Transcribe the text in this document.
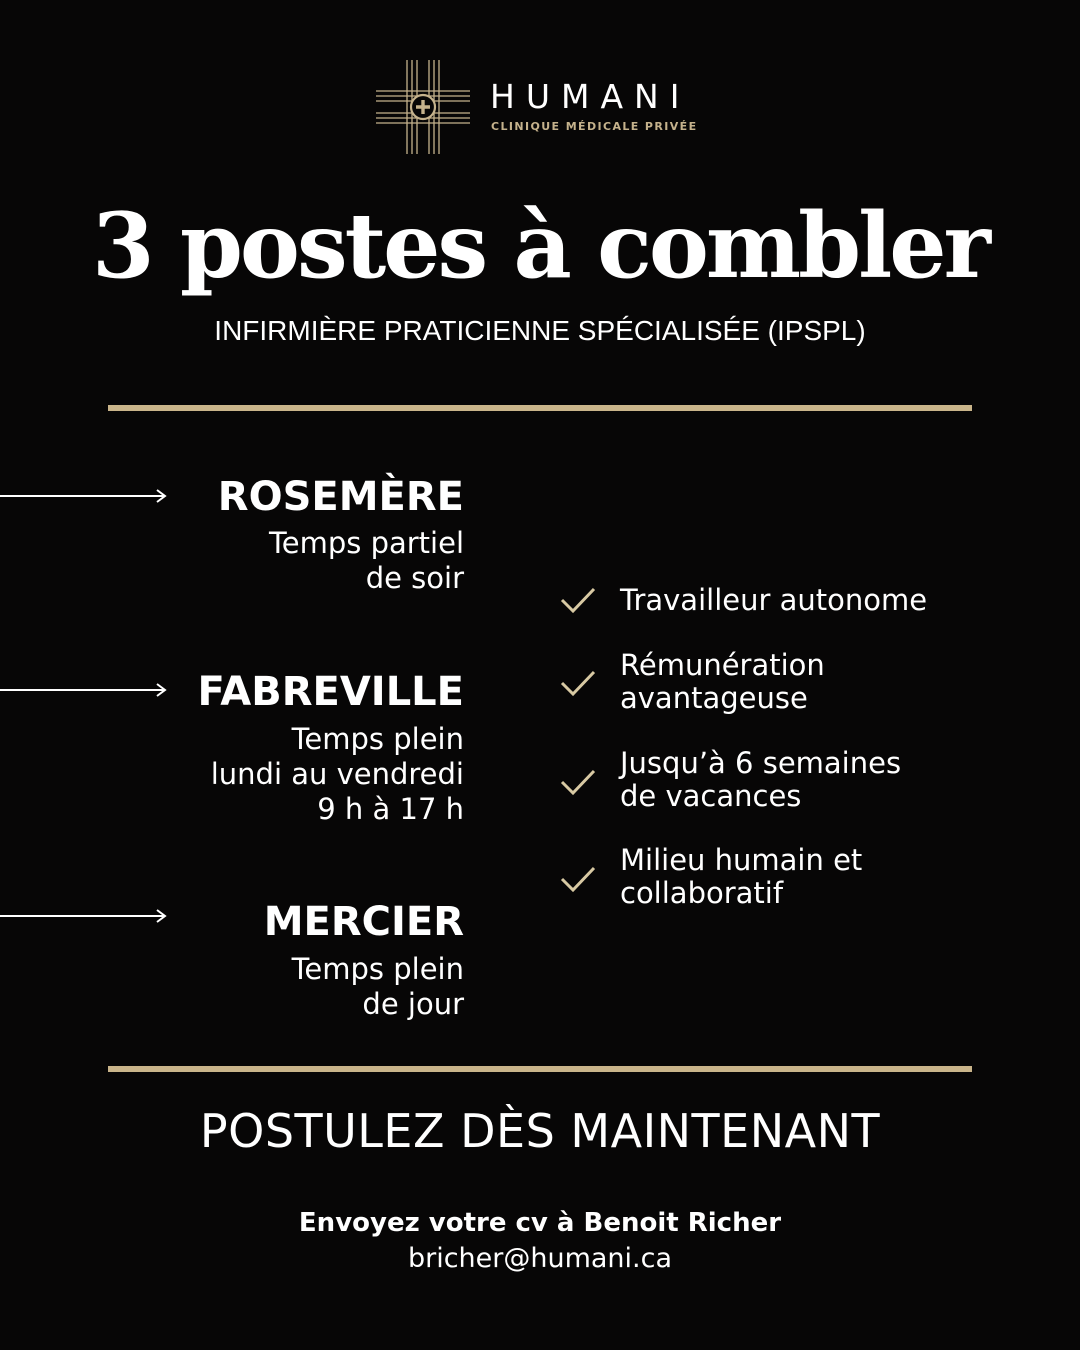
HUMANI
CLINIQUE MÉDICALE PRIVÉE
3 postes à combler
INFIRMIÈRE PRATICIENNE SPÉCIALISÉE (IPSPL)
ROSEMÈRE
Temps partiel
de soir
FABREVILLE
Temps plein
lundi au vendredi
9 h à 17 h
MERCIER
Temps plein
de jour
Travailleur autonome
Rémunération
avantageuse
Jusqu’à 6 semaines
de vacances
Milieu humain et
collaboratif
POSTULEZ DÈS MAINTENANT
Envoyez votre cv à Benoit Richer
bricher@humani.ca
